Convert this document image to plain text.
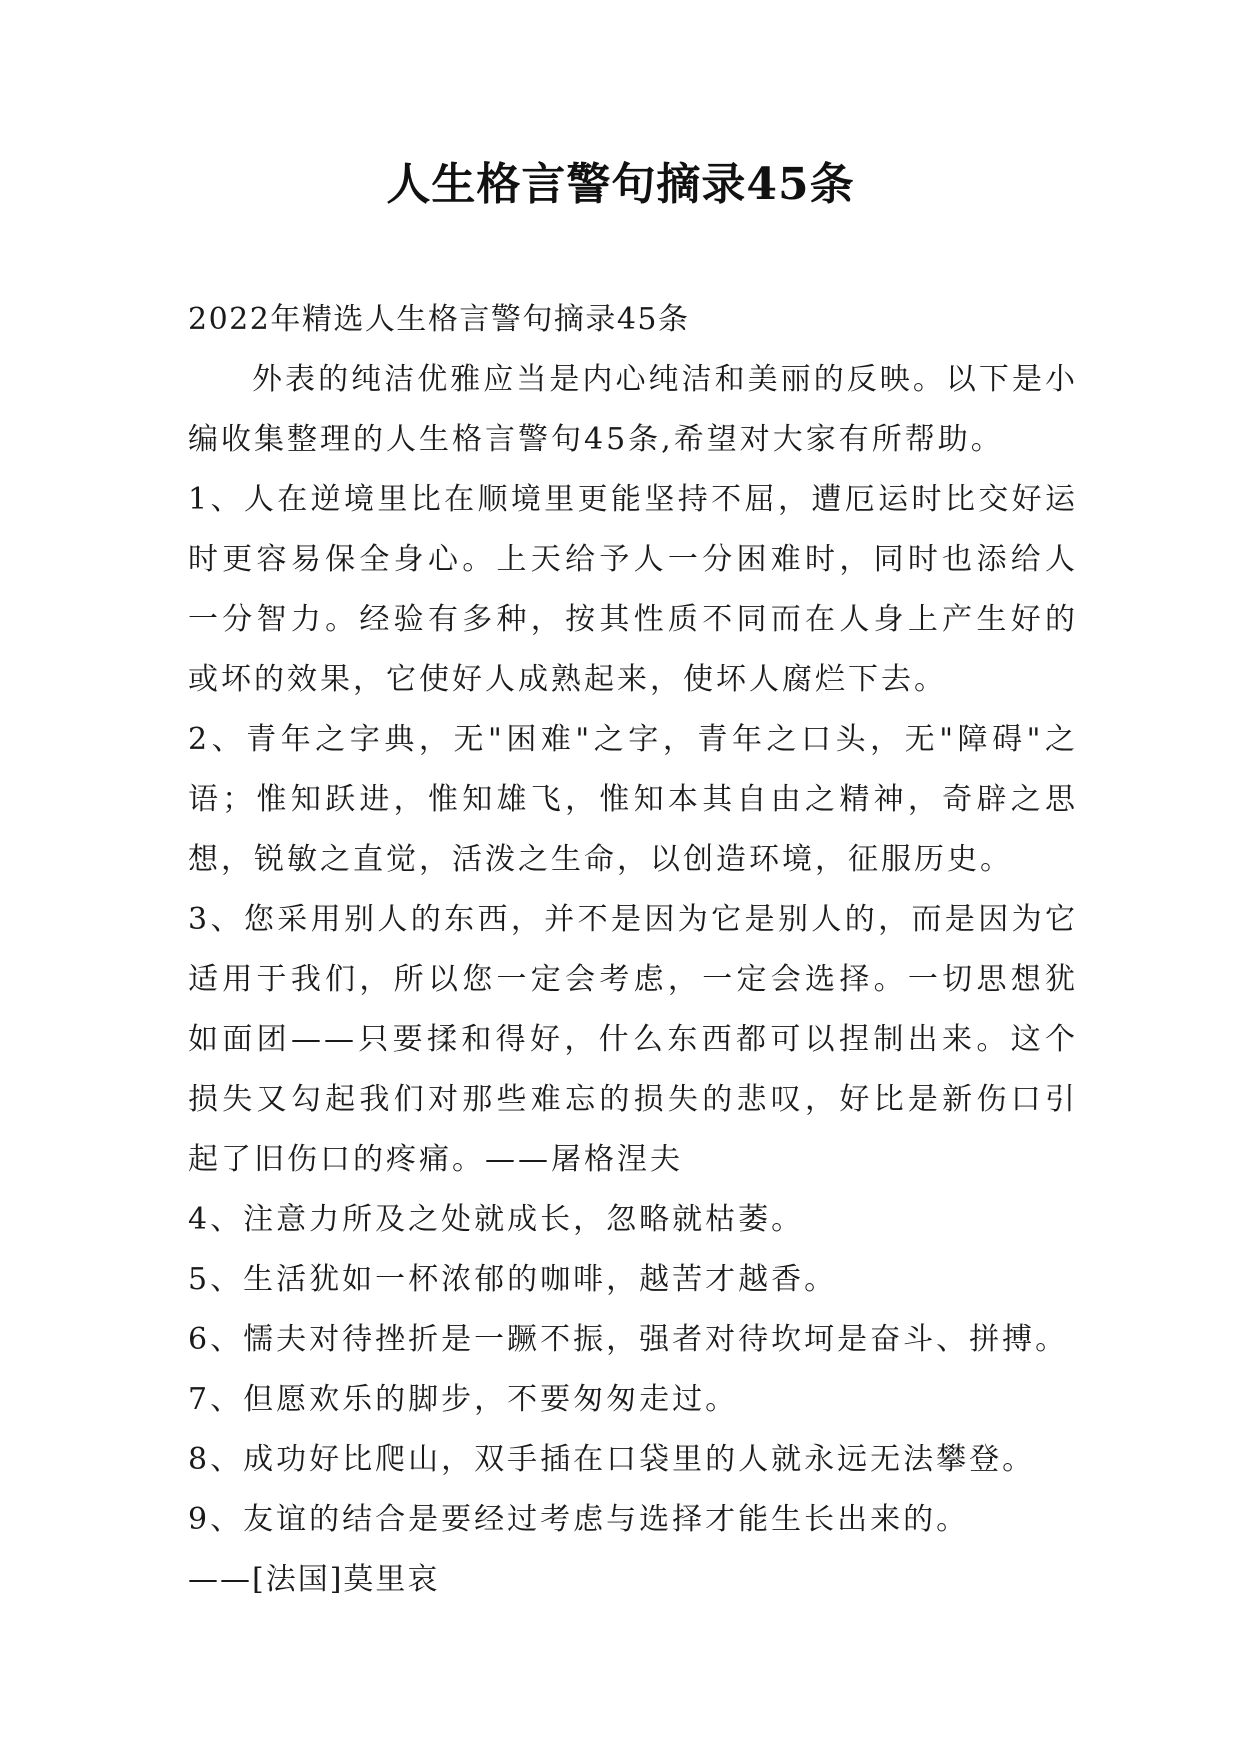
人生格言警句摘录45条

2022年精选人生格言警句摘录45条

外表的纯洁优雅应当是内心纯洁和美丽的反映。以下是小编收集整理的人生格言警句45条,希望对大家有所帮助。

1、人在逆境里比在顺境里更能坚持不屈，遭厄运时比交好运时更容易保全身心。上天给予人一分困难时，同时也添给人一分智力。经验有多种，按其性质不同而在人身上产生好的或坏的效果，它使好人成熟起来，使坏人腐烂下去。

2、青年之字典，无"困难"之字，青年之口头，无"障碍"之语；惟知跃进，惟知雄飞，惟知本其自由之精神，奇辟之思想，锐敏之直觉，活泼之生命，以创造环境，征服历史。

3、您采用别人的东西，并不是因为它是别人的，而是因为它适用于我们，所以您一定会考虑，一定会选择。一切思想犹如面团——只要揉和得好，什么东西都可以捏制出来。这个损失又勾起我们对那些难忘的损失的悲叹，好比是新伤口引起了旧伤口的疼痛。——屠格涅夫

4、注意力所及之处就成长，忽略就枯萎。

5、生活犹如一杯浓郁的咖啡，越苦才越香。

6、懦夫对待挫折是一蹶不振，强者对待坎坷是奋斗、拼搏。

7、但愿欢乐的脚步，不要匆匆走过。

8、成功好比爬山，双手插在口袋里的人就永远无法攀登。

9、友谊的结合是要经过考虑与选择才能生长出来的。

——[法国]莫里哀
